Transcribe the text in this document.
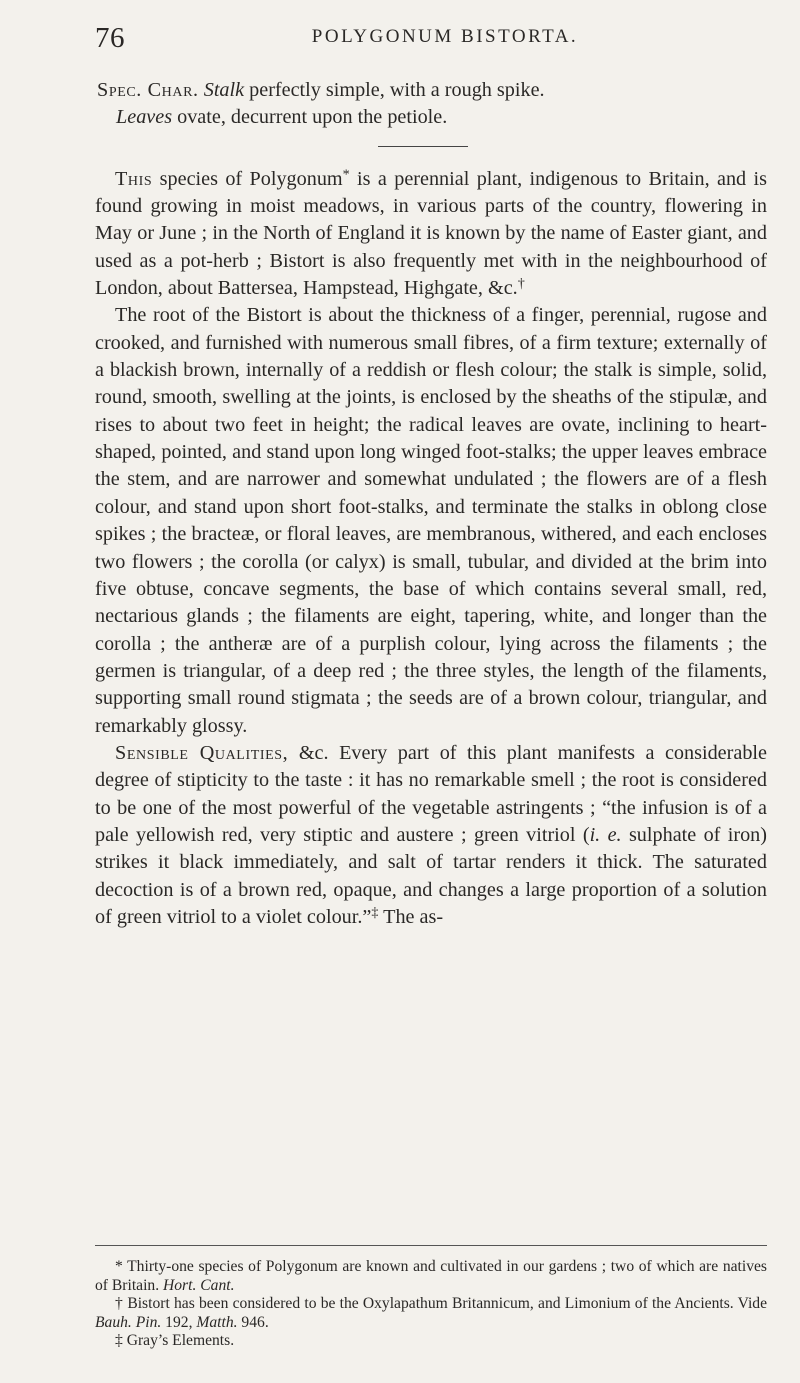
76	POLYGONUM BISTORTA.

Spec. Char. Stalk perfectly simple, with a rough spike.
Leaves ovate, decurrent upon the petiole.

This species of Polygonum* is a perennial plant, indigenous to Britain, and is found growing in moist meadows, in various parts of the country, flowering in May or June ; in the North of England it is known by the name of Easter giant, and used as a pot-herb ; Bistort is also frequently met with in the neighbourhood of London, about Battersea, Hampstead, Highgate, &c.†

The root of the Bistort is about the thickness of a finger, perennial, rugose and crooked, and furnished with numerous small fibres, of a firm texture; externally of a blackish brown, internally of a reddish or flesh colour; the stalk is simple, solid, round, smooth, swelling at the joints, is enclosed by the sheaths of the stipulæ, and rises to about two feet in height; the radical leaves are ovate, inclining to heart-shaped, pointed, and stand upon long winged foot-stalks; the upper leaves embrace the stem, and are narrower and somewhat undulated ; the flowers are of a flesh colour, and stand upon short foot-stalks, and terminate the stalks in oblong close spikes ; the bracteæ, or floral leaves, are membranous, withered, and each encloses two flowers ; the corolla (or calyx) is small, tubular, and divided at the brim into five obtuse, concave segments, the base of which contains several small, red, nectarious glands ; the filaments are eight, tapering, white, and longer than the corolla ; the antheræ are of a purplish colour, lying across the filaments ; the germen is triangular, of a deep red ; the three styles, the length of the filaments, supporting small round stigmata ; the seeds are of a brown colour, triangular, and remarkably glossy.

Sensible Qualities, &c. Every part of this plant manifests a considerable degree of stipticity to the taste : it has no remarkable smell ; the root is considered to be one of the most powerful of the vegetable astringents ; “the infusion is of a pale yellowish red, very stiptic and austere ; green vitriol (i. e. sulphate of iron) strikes it black immediately, and salt of tartar renders it thick. The saturated decoction is of a brown red, opaque, and changes a large proportion of a solution of green vitriol to a violet colour.”‡ The as-

* Thirty-one species of Polygonum are known and cultivated in our gardens ; two of which are natives of Britain. Hort. Cant.

† Bistort has been considered to be the Oxylapathum Britannicum, and Limonium of the Ancients. Vide Bauh. Pin. 192, Matth. 946.

‡ Gray’s Elements.
